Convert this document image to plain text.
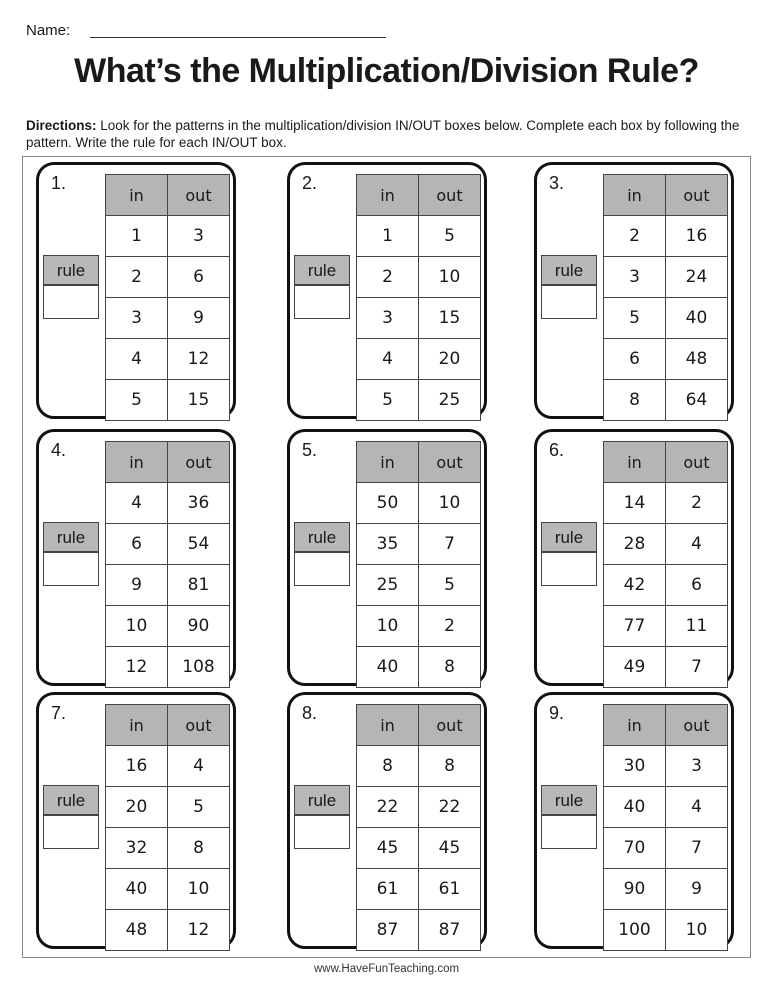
Name:
What’s the Multiplication/Division Rule?
Directions: Look for the patterns in the multiplication/division IN/OUT boxes below. Complete each box by following the pattern. Write the rule for each IN/OUT box.
1.
rule
in	out
1	3
2	6
3	9
4	12
5	15
2.
rule
in	out
1	5
2	10
3	15
4	20
5	25
3.
rule
in	out
2	16
3	24
5	40
6	48
8	64
4.
rule
in	out
4	36
6	54
9	81
10	90
12	108
5.
rule
in	out
50	10
35	7
25	5
10	2
40	8
6.
rule
in	out
14	2
28	4
42	6
77	11
49	7
7.
rule
in	out
16	4
20	5
32	8
40	10
48	12
8.
rule
in	out
8	8
22	22
45	45
61	61
87	87
9.
rule
in	out
30	3
40	4
70	7
90	9
100	10
www.HaveFunTeaching.com
